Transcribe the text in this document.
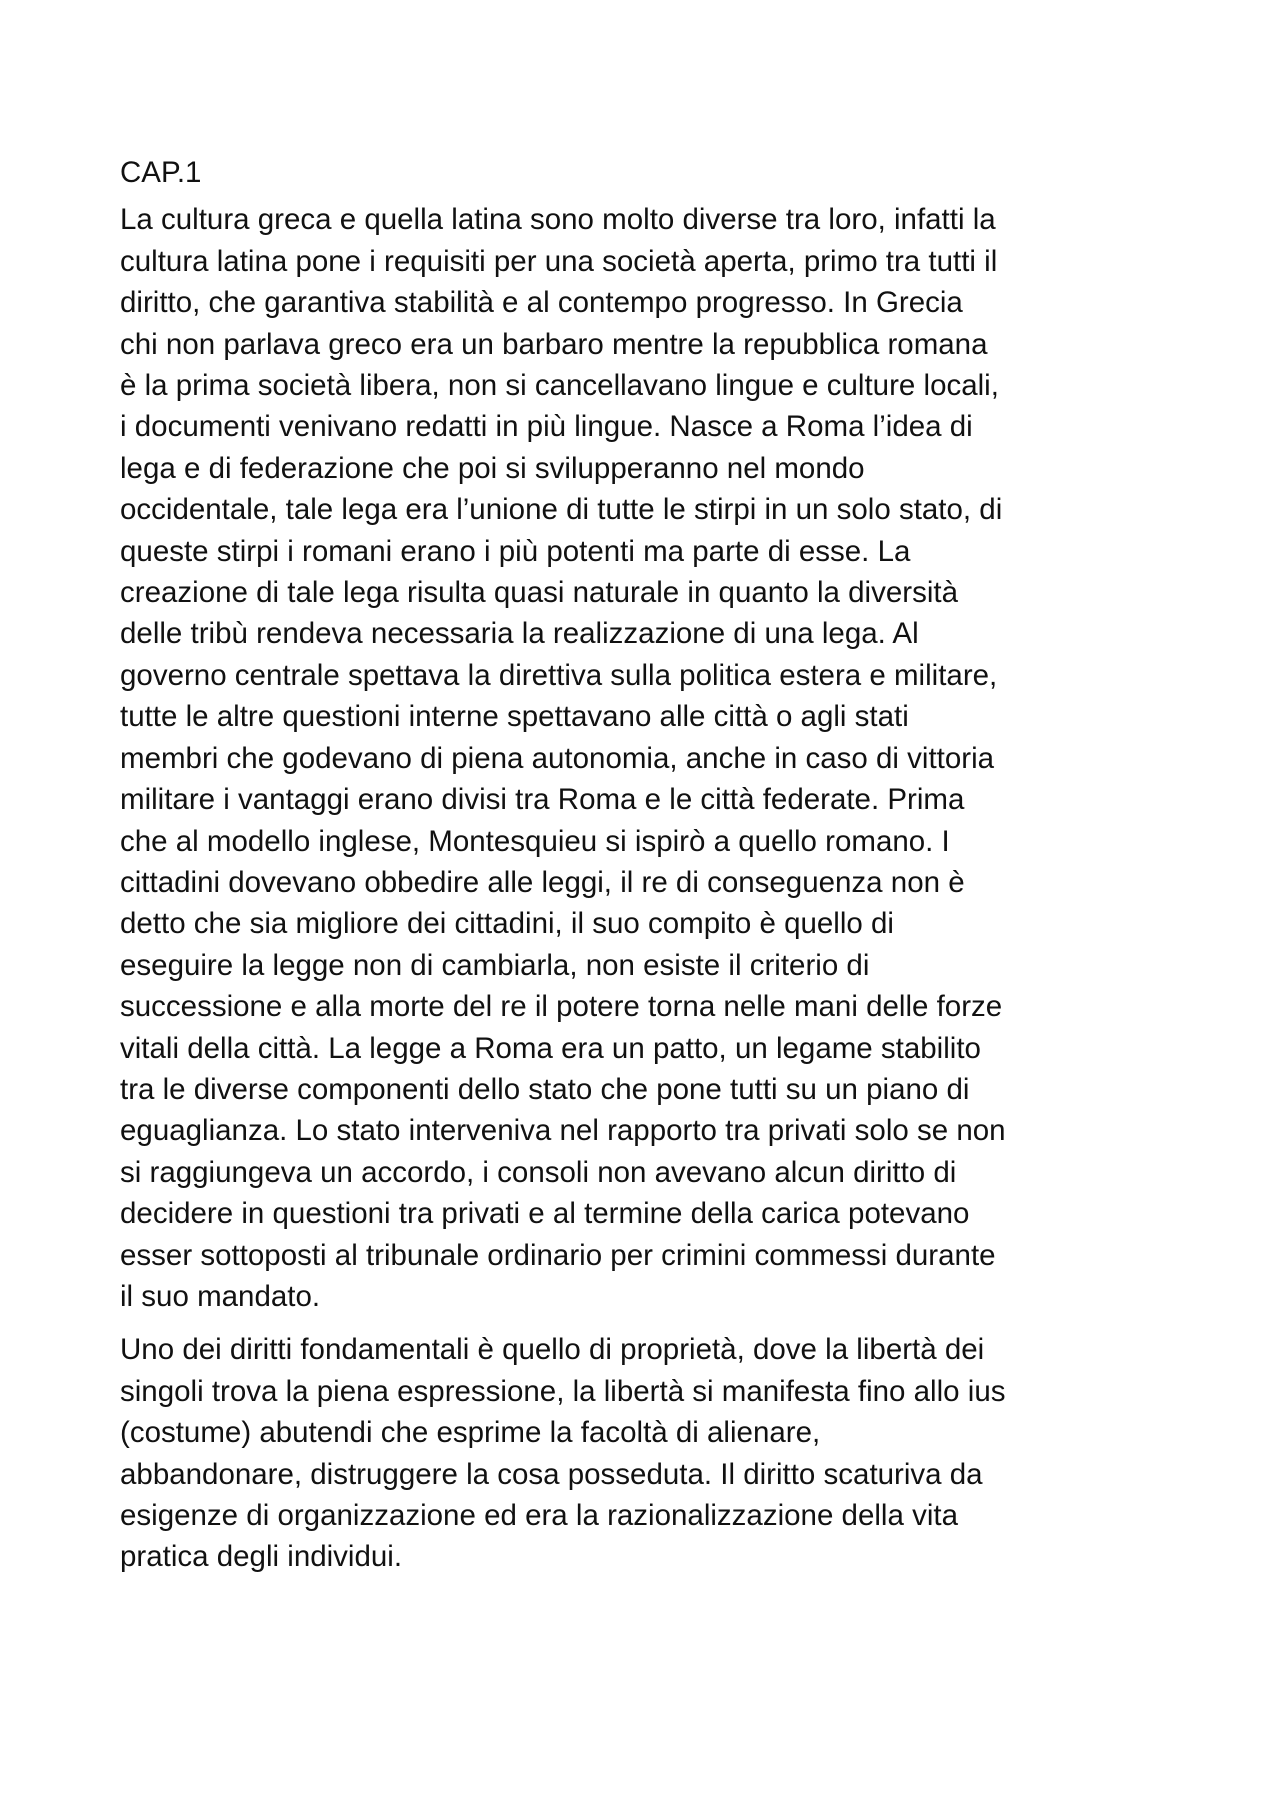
CAP.1

La cultura greca e quella latina sono molto diverse tra loro, infatti la
cultura latina pone i requisiti per una società aperta, primo tra tutti il
diritto, che garantiva stabilità e al contempo progresso. In Grecia
chi non parlava greco era un barbaro mentre la repubblica romana
è la prima società libera, non si cancellavano lingue e culture locali,
i documenti venivano redatti in più lingue. Nasce a Roma l’idea di
lega e di federazione che poi si svilupperanno nel mondo
occidentale, tale lega era l’unione di tutte le stirpi in un solo stato, di
queste stirpi i romani erano i più potenti ma parte di esse. La
creazione di tale lega risulta quasi naturale in quanto la diversità
delle tribù rendeva necessaria la realizzazione di una lega. Al
governo centrale spettava la direttiva sulla politica estera e militare,
tutte le altre questioni interne spettavano alle città o agli stati
membri che godevano di piena autonomia, anche in caso di vittoria
militare i vantaggi erano divisi tra Roma e le città federate. Prima
che al modello inglese, Montesquieu si ispirò a quello romano. I
cittadini dovevano obbedire alle leggi, il re di conseguenza non è
detto che sia migliore dei cittadini, il suo compito è quello di
eseguire la legge non di cambiarla, non esiste il criterio di
successione e alla morte del re il potere torna nelle mani delle forze
vitali della città. La legge a Roma era un patto, un legame stabilito
tra le diverse componenti dello stato che pone tutti su un piano di
eguaglianza. Lo stato interveniva nel rapporto tra privati solo se non
si raggiungeva un accordo, i consoli non avevano alcun diritto di
decidere in questioni tra privati e al termine della carica potevano
esser sottoposti al tribunale ordinario per crimini commessi durante
il suo mandato.

Uno dei diritti fondamentali è quello di proprietà, dove la libertà dei
singoli trova la piena espressione, la libertà si manifesta fino allo ius
(costume) abutendi che esprime la facoltà di alienare,
abbandonare, distruggere la cosa posseduta. Il diritto scaturiva da
esigenze di organizzazione ed era la razionalizzazione della vita
pratica degli individui.
